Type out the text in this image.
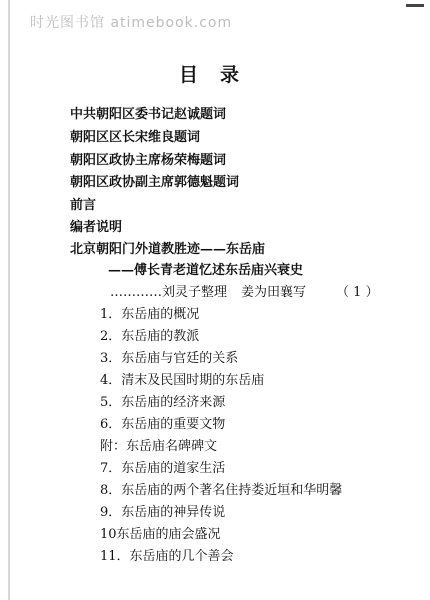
时光图书馆 atimebook.com
目录
中共朝阳区委书记赵诚题词
朝阳区区长宋维良题词
朝阳区政协主席杨荣梅题词
朝阳区政协副主席郭德魁题词
前言
编者说明
北京朝阳门外道教胜迹——东岳庙
——傅长青老道忆述东岳庙兴衰史
…………刘灵子整理 姜为田襄写 （ 1 ）
1．东岳庙的概况
2．东岳庙的教派
3．东岳庙与官廷的关系
4．清末及民国时期的东岳庙
5．东岳庙的经济来源
6．东岳庙的重要文物
附：东岳庙名碑碑文
7．东岳庙的道家生活
8．东岳庙的两个著名住持娄近垣和华明馨
9．东岳庙的神异传说
10东岳庙的庙会盛况
11．东岳庙的几个善会
